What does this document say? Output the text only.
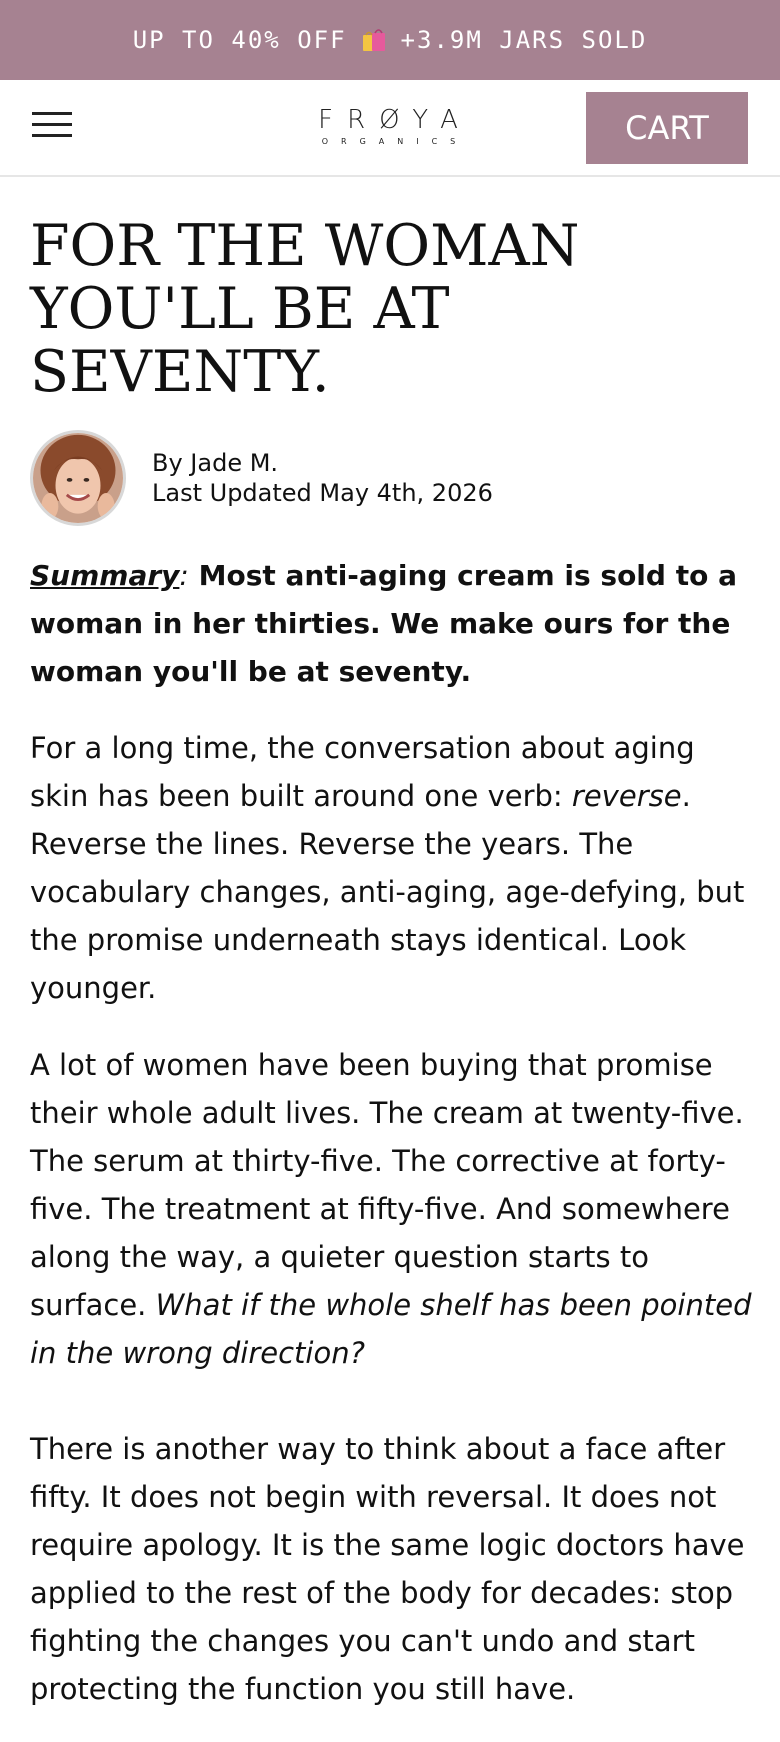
UP TO 40% OFF +3.9M JARS SOLD
FRØYA
ORGANICS	CART
FOR THE WOMAN YOU'LL BE AT SEVENTY.
By Jade M.
Last Updated May 4th, 2026

Summary: Most anti-aging cream is sold to a woman in her thirties. We make ours for the woman you'll be at seventy.

For a long time, the conversation about aging skin has been built around one verb: reverse. Reverse the lines. Reverse the years. The vocabulary changes, anti-aging, age-defying, but the promise underneath stays identical. Look younger.

A lot of women have been buying that promise their whole adult lives. The cream at twenty-five. The serum at thirty-five. The corrective at forty-five. The treatment at fifty-five. And somewhere along the way, a quieter question starts to surface. What if the whole shelf has been pointed in the wrong direction?

There is another way to think about a face after fifty. It does not begin with reversal. It does not require apology. It is the same logic doctors have applied to the rest of the body for decades: stop fighting the changes you can't undo and start protecting the function you still have.
